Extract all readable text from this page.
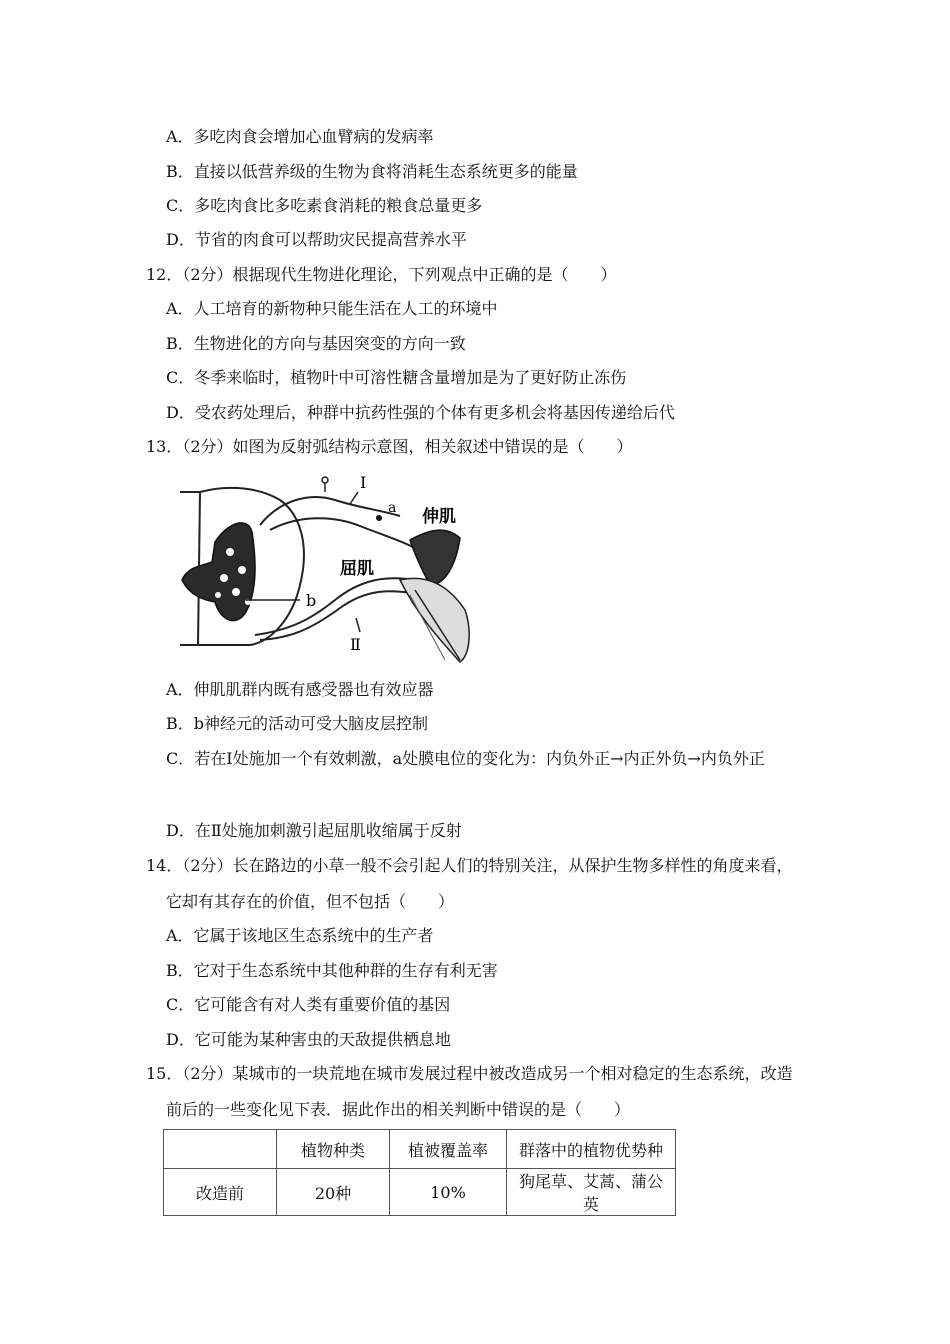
A．多吃肉食会增加心血臂病的发病率
B．直接以低营养级的生物为食将消耗生态系统更多的能量
C．多吃肉食比多吃素食消耗的粮食总量更多
D．节省的肉食可以帮助灾民提高营养水平
12．（2分）根据现代生物进化理论，下列观点中正确的是（　　）
A．人工培育的新物种只能生活在人工的环境中
B．生物进化的方向与基因突变的方向一致
C．冬季来临时，植物叶中可溶性糖含量增加是为了更好防止冻伤
D．受农药处理后，种群中抗药性强的个体有更多机会将基因传递给后代
13．（2分）如图为反射弧结构示意图，相关叙述中错误的是（　　）
Ⅰ
a
b
Ⅱ
伸肌
屈肌
A．伸肌肌群内既有感受器也有效应器
B．b神经元的活动可受大脑皮层控制
C．若在Ⅰ处施加一个有效刺激，a处膜电位的变化为：内负外正→内正外负→内负外正
D．在Ⅱ处施加刺激引起屈肌收缩属于反射
14．（2分）长在路边的小草一般不会引起人们的特别关注，从保护生物多样性的角度来看，
它却有其存在的价值，但不包括（　　）
A．它属于该地区生态系统中的生产者
B．它对于生态系统中其他种群的生存有利无害
C．它可能含有对人类有重要价值的基因
D．它可能为某种害虫的天敌提供栖息地
15．（2分）某城市的一块荒地在城市发展过程中被改造成另一个相对稳定的生态系统，改造
前后的一些变化见下表．据此作出的相关判断中错误的是（　　）
	植物种类	植被覆盖率	群落中的植物优势种
改造前	20种	10%	狗尾草、艾蒿、蒲公英
